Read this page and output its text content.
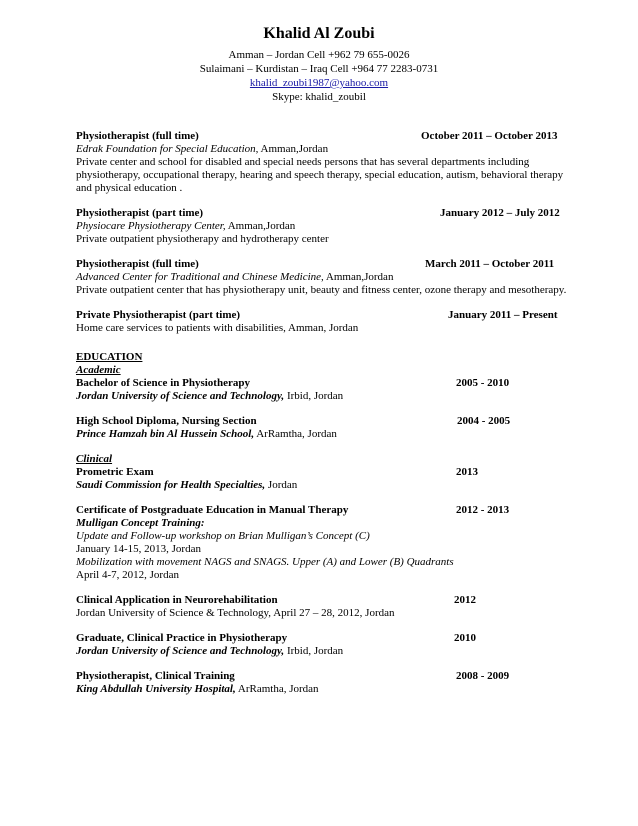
Khalid Al Zoubi
Amman – Jordan Cell +962 79 655-0026
Sulaimani – Kurdistan – Iraq Cell +964 77 2283-0731
khalid_zoubi1987@yahoo.com
Skype: khalid_zoubil
Physiotherapist (full time)	October 2011 – October 2013
Edrak Foundation for Special Education, Amman,Jordan
Private center and school for disabled and special needs persons that has several departments including physiotherapy, occupational therapy, hearing and speech therapy, special education, autism, behavioral therapy and physical education .
Physiotherapist (part time)	January 2012 – July 2012
Physiocare Physiotherapy Center, Amman,Jordan
Private outpatient physiotherapy and hydrotherapy center
Physiotherapist (full time)	March 2011 – October 2011
Advanced Center for Traditional and Chinese Medicine, Amman,Jordan
Private outpatient center that has physiotherapy unit, beauty and fitness center, ozone therapy and mesotherapy.
Private Physiotherapist (part time)	January 2011 – Present
Home care services to patients with disabilities, Amman, Jordan
EDUCATION
Academic
Bachelor of Science in Physiotherapy	2005 - 2010
Jordan University of Science and Technology, Irbid, Jordan
High School Diploma, Nursing Section	2004 - 2005
Prince Hamzah bin Al Hussein School, ArRamtha, Jordan
Clinical
Prometric Exam	2013
Saudi Commission for Health Specialties, Jordan
Certificate of Postgraduate Education in Manual Therapy	2012 - 2013
Mulligan Concept Training:
Update and Follow-up workshop on Brian Mulligan’s Concept (C)
January 14-15, 2013, Jordan
Mobilization with movement NAGS and SNAGS. Upper (A) and Lower (B) Quadrants
April 4-7, 2012, Jordan
Clinical Application in Neurorehabilitation	2012
Jordan University of Science & Technology, April 27 – 28, 2012, Jordan
Graduate, Clinical Practice in Physiotherapy	2010
Jordan University of Science and Technology, Irbid, Jordan
Physiotherapist, Clinical Training	2008 - 2009
King Abdullah University Hospital, ArRamtha, Jordan
